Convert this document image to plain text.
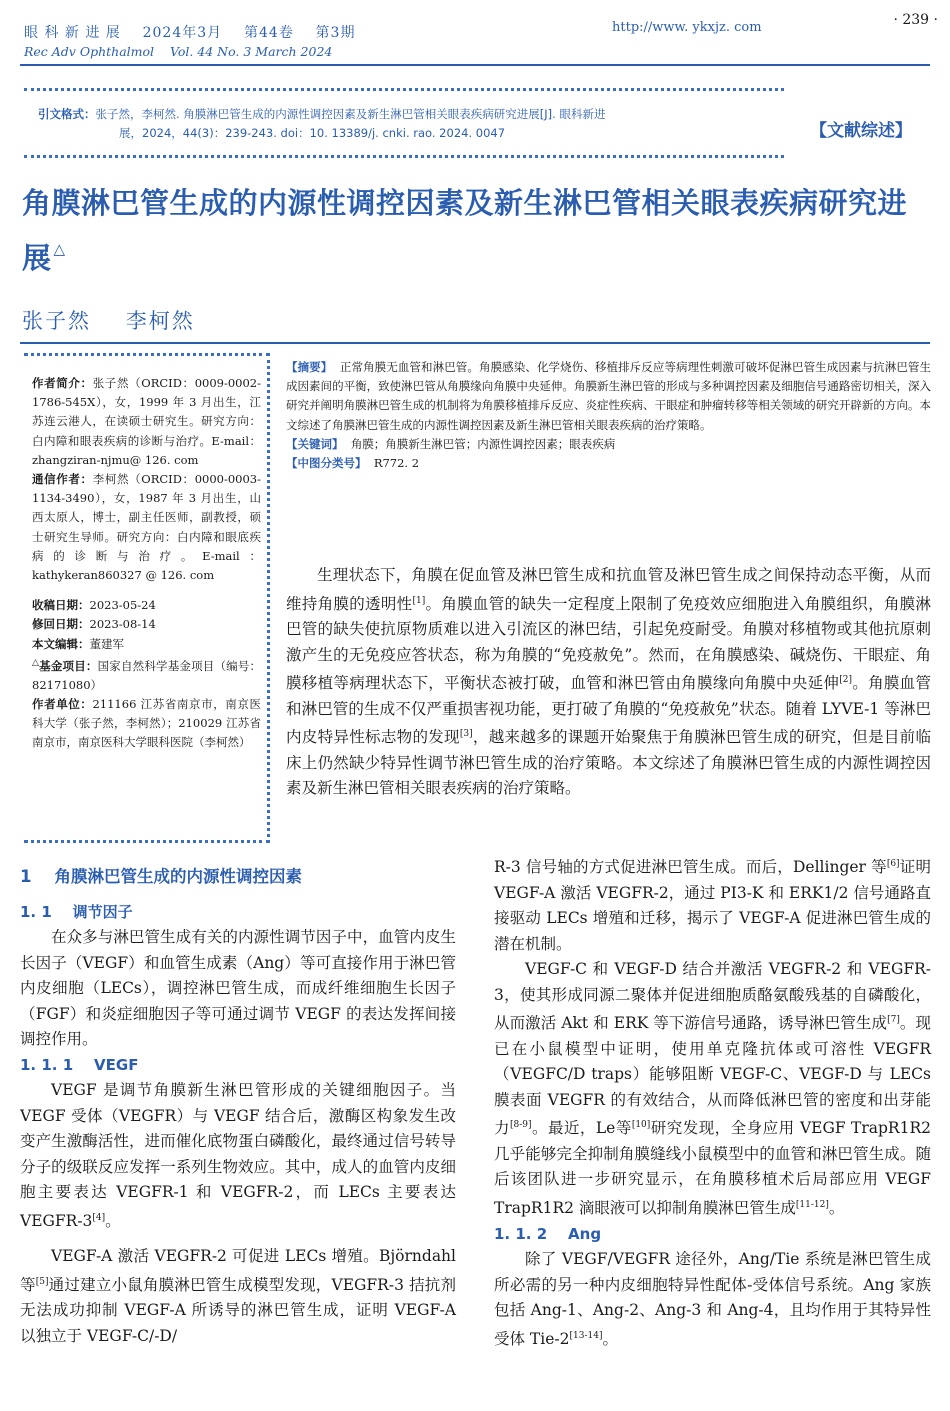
眼 科 新 进 展    2024年3月    第44卷    第3期
Rec Adv Ophthalmol    Vol. 44 No. 3 March 2024
http://www. ykxjz. com	· 239 ·
引文格式：张子然，李柯然. 角膜淋巴管生成的内源性调控因素及新生淋巴管相关眼表疾病研究进展[J]. 眼科新进
展，2024，44(3)：239-243. doi：10. 13389/j. cnki. rao. 2024. 0047	【文献综述】
角膜淋巴管生成的内源性调控因素及新生淋巴管相关眼表疾病研究进展 △
张子然    李柯然

作者简介：张子然（ORCID：0009-0002-1786-545X），女，1999 年 3 月出生，江苏连云港人，在读硕士研究生。研究方向：白内障和眼表疾病的诊断与治疗。E-mail：zhangziran-njmu@ 126. com

通信作者：李柯然（ORCID：0000-0003-1134-3490），女，1987 年 3 月出生，山西太原人，博士，副主任医师，副教授，硕士研究生导师。研究方向：白内障和眼底疾病的诊断与治疗。E-mail：kathykeran860327 @ 126. com

收稿日期：2023-05-24

修回日期：2023-08-14

本文编辑：董建军

△基金项目：国家自然科学基金项目（编号：82171080）

作者单位：211166 江苏省南京市，南京医科大学（张子然，李柯然）；210029 江苏省南京市，南京医科大学眼科医院（李柯然）

【摘要】 正常角膜无血管和淋巴管。角膜感染、化学烧伤、移植排斥反应等病理性刺激可破坏促淋巴管生成因素与抗淋巴管生成因素间的平衡，致使淋巴管从角膜缘向角膜中央延伸。角膜新生淋巴管的形成与多种调控因素及细胞信号通路密切相关，深入研究并阐明角膜淋巴管生成的机制将为角膜移植排斥反应、炎症性疾病、干眼症和肿瘤转移等相关领域的研究开辟新的方向。本文综述了角膜淋巴管生成的内源性调控因素及新生淋巴管相关眼表疾病的治疗策略。

【关键词】 角膜；角膜新生淋巴管；内源性调控因素；眼表疾病

【中图分类号】 R772. 2

生理状态下，角膜在促血管及淋巴管生成和抗血管及淋巴管生成之间保持动态平衡，从而维持角膜的透明性[1]。角膜血管的缺失一定程度上限制了免疫效应细胞进入角膜组织，角膜淋巴管的缺失使抗原物质难以进入引流区的淋巴结，引起免疫耐受。角膜对移植物或其他抗原刺激产生的无免疫应答状态，称为角膜的“免疫赦免”。然而，在角膜感染、碱烧伤、干眼症、角膜移植等病理状态下，平衡状态被打破，血管和淋巴管由角膜缘向角膜中央延伸[2]。角膜血管和淋巴管的生成不仅严重损害视功能，更打破了角膜的“免疫赦免”状态。随着 LYVE-1 等淋巴内皮特异性标志物的发现[3]，越来越多的课题开始聚焦于角膜淋巴管生成的研究，但是目前临床上仍然缺少特异性调节淋巴管生成的治疗策略。本文综述了角膜淋巴管生成的内源性调控因素及新生淋巴管相关眼表疾病的治疗策略。

1    角膜淋巴管生成的内源性调控因素
1. 1    调节因子

在众多与淋巴管生成有关的内源性调节因子中，血管内皮生长因子（VEGF）和血管生成素（Ang）等可直接作用于淋巴管内皮细胞（LECs），调控淋巴管生成，而成纤维细胞生长因子（FGF）和炎症细胞因子等可通过调节 VEGF 的表达发挥间接调控作用。

1. 1. 1    VEGF

VEGF 是调节角膜新生淋巴管形成的关键细胞因子。当 VEGF 受体（VEGFR）与 VEGF 结合后，激酶区构象发生改变产生激酶活性，进而催化底物蛋白磷酸化，最终通过信号转导分子的级联反应发挥一系列生物效应。其中，成人的血管内皮细胞主要表达 VEGFR-1 和 VEGFR-2，而 LECs 主要表达 VEGFR-3[4]。

VEGF-A 激活 VEGFR-2 可促进 LECs 增殖。Björndahl 等[5]通过建立小鼠角膜淋巴管生成模型发现，VEGFR-3 拮抗剂无法成功抑制 VEGF-A 所诱导的淋巴管生成，证明 VEGF-A 以独立于 VEGF-C/-D/

R-3 信号轴的方式促进淋巴管生成。而后，Dellinger 等[6]证明 VEGF-A 激活 VEGFR-2，通过 PI3-K 和 ERK1/2 信号通路直接驱动 LECs 增殖和迁移，揭示了 VEGF-A 促进淋巴管生成的潜在机制。

VEGF-C 和 VEGF-D 结合并激活 VEGFR-2 和 VEGFR-3，使其形成同源二聚体并促进细胞质酪氨酸残基的自磷酸化，从而激活 Akt 和 ERK 等下游信号通路，诱导淋巴管生成[7]。现已在小鼠模型中证明，使用单克隆抗体或可溶性 VEGFR（VEGFC/D traps）能够阻断 VEGF-C、VEGF-D 与 LECs 膜表面 VEGFR 的有效结合，从而降低淋巴管的密度和出芽能力[8-9]。最近，Le等[10]研究发现，全身应用 VEGF TrapR1R2 几乎能够完全抑制角膜缝线小鼠模型中的血管和淋巴管生成。随后该团队进一步研究显示，在角膜移植术后局部应用 VEGF TrapR1R2 滴眼液可以抑制角膜淋巴管生成[11-12]。

1. 1. 2    Ang

除了 VEGF/VEGFR 途径外，Ang/Tie 系统是淋巴管生成所必需的另一种内皮细胞特异性配体-受体信号系统。Ang 家族包括 Ang-1、Ang-2、Ang-3 和 Ang-4，且均作用于其特异性受体 Tie-2[13-14]。
